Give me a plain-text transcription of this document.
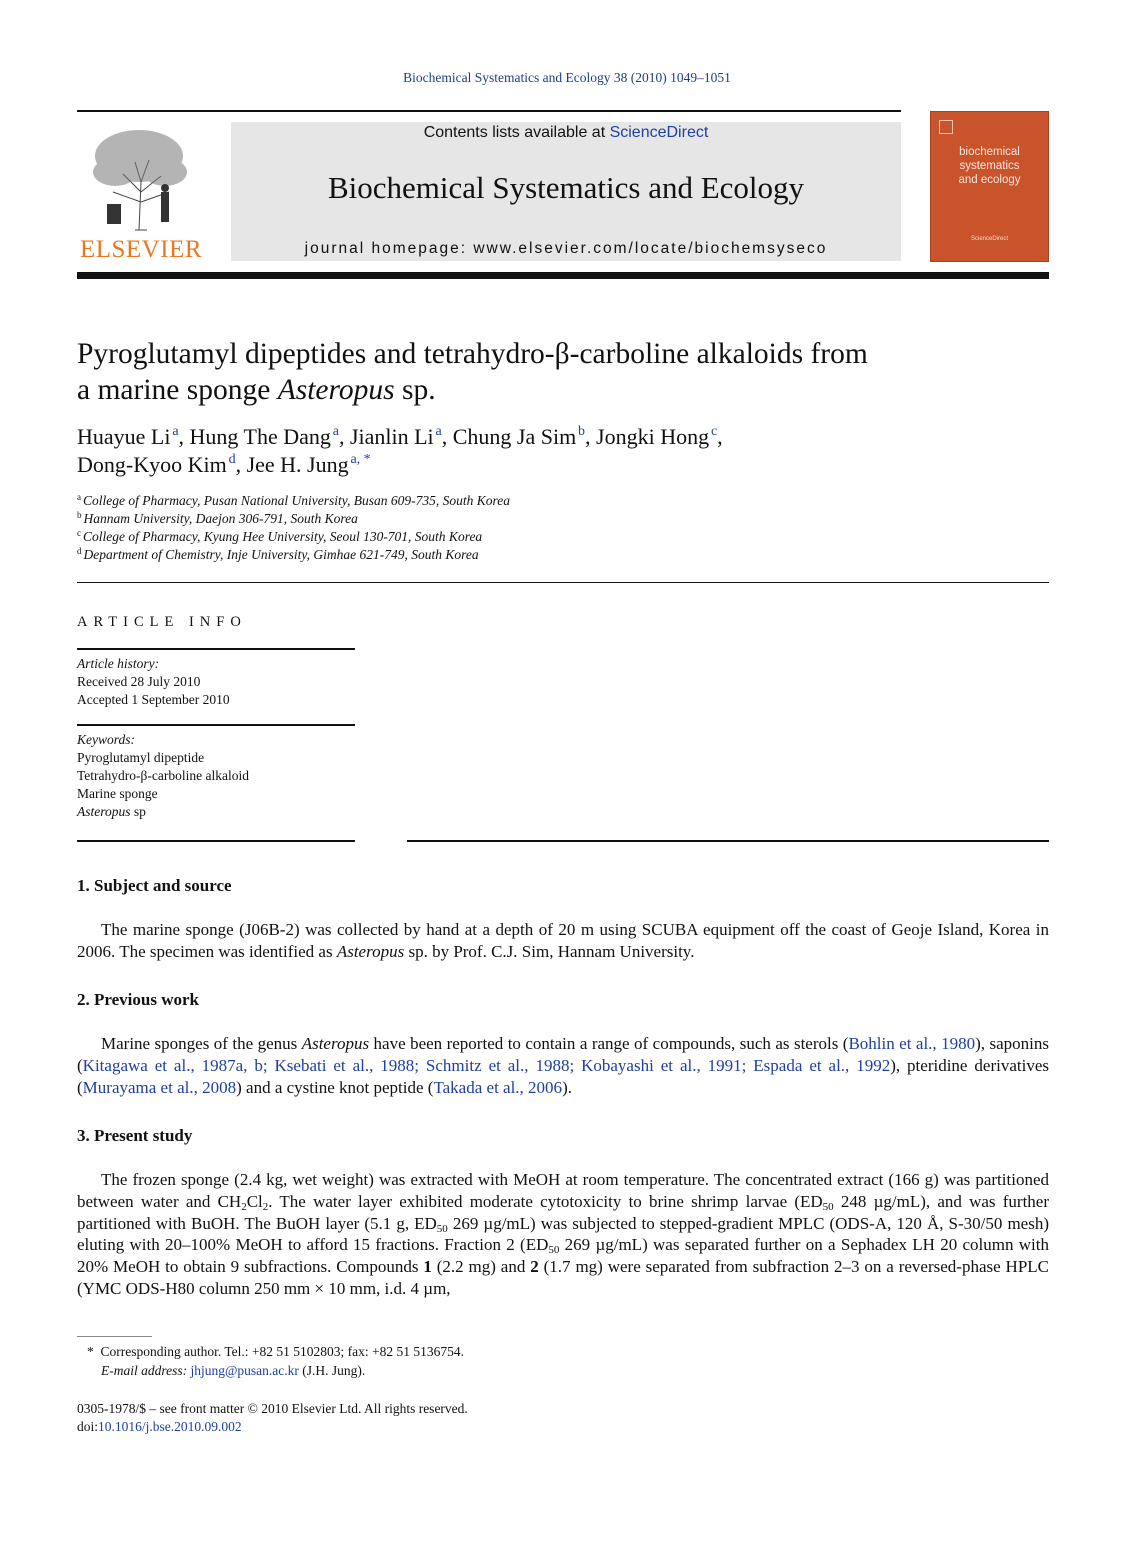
Biochemical Systematics and Ecology 38 (2010) 1049–1051
ELSEVIER
Contents lists available at ScienceDirect
Biochemical Systematics and Ecology
journal homepage: www.elsevier.com/locate/biochemsyseco
biochemical
systematics
and ecology
ScienceDirect
Pyroglutamyl dipeptides and tetrahydro-β-carboline alkaloids from
a marine sponge Asteropus sp.
Huayue Li  $^a$, Hung The Dang  $^a$, Jianlin Li  $^a$, Chung Ja Sim  $^b$, Jongki Hong  $^c$,
Dong-Kyoo Kim  $^d$, Jee H. Jung  $^{a, *}$
$^a$ College of Pharmacy, Pusan National University, Busan 609-735, South Korea
$^b$ Hannam University, Daejon 306-791, South Korea
$^c$ College of Pharmacy, Kyung Hee University, Seoul 130-701, South Korea
$^d$ Department of Chemistry, Inje University, Gimhae 621-749, South Korea
ARTICLE INFO
Article history:
Received 28 July 2010
Accepted 1 September 2010
Keywords:
Pyroglutamyl dipeptide
Tetrahydro-β-carboline alkaloid
Marine sponge
Asteropus sp
1. Subject and source
The marine sponge (J06B-2) was collected by hand at a depth of 20 m using SCUBA equipment off the coast of Geoje Island, Korea in 2006. The specimen was identified as Asteropus sp. by Prof. C.J. Sim, Hannam University.
2. Previous work
Marine sponges of the genus Asteropus have been reported to contain a range of compounds, such as sterols (Bohlin et al., 1980), saponins (Kitagawa et al., 1987a, b; Ksebati et al., 1988; Schmitz et al., 1988; Kobayashi et al., 1991; Espada et al., 1992), pteridine derivatives (Murayama et al., 2008) and a cystine knot peptide (Takada et al., 2006).
3. Present study
The frozen sponge (2.4 kg, wet weight) was extracted with MeOH at room temperature. The concentrated extract (166 g) was partitioned between water and $CH_2Cl_2$. The water layer exhibited moderate cytotoxicity to brine shrimp larvae ($ED_{50}$ 248 µg/mL), and was further partitioned with BuOH. The BuOH layer (5.1 g, $ED_{50}$ 269 µg/mL) was subjected to stepped-gradient MPLC (ODS-A, 120 Å, S-30/50 mesh) eluting with 20–100% MeOH to afford 15 fractions. Fraction 2 ($ED_{50}$ 269 µg/mL) was separated further on a Sephadex LH 20 column with 20% MeOH to obtain 9 subfractions. Compounds 1 (2.2 mg) and 2 (1.7 mg) were separated from subfraction 2–3 on a reversed-phase HPLC (YMC ODS-H80 column 250 mm × 10 mm, i.d. 4 µm,
* Corresponding author. Tel.: +82 51 5102803; fax: +82 51 5136754.
E-mail address: jhjung@pusan.ac.kr (J.H. Jung).
0305-1978/$ – see front matter © 2010 Elsevier Ltd. All rights reserved.
doi:10.1016/j.bse.2010.09.002
